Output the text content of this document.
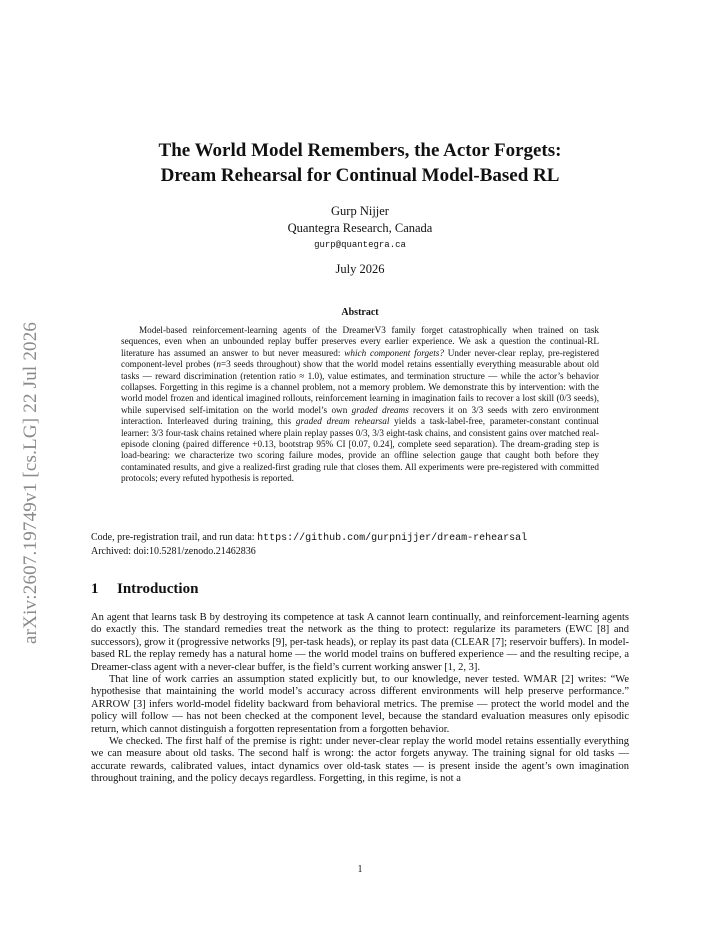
arXiv:2607.19749v1 [cs.LG] 22 Jul 2026
The World Model Remembers, the Actor Forgets:
Dream Rehearsal for Continual Model-Based RL
Gurp Nijjer
Quantegra Research, Canada
gurp@quantegra.ca
July 2026
Abstract

Model-based reinforcement-learning agents of the DreamerV3 family forget catastrophically when trained on task sequences, even when an unbounded replay buffer preserves every earlier experience. We ask a question the continual-RL literature has assumed an answer to but never measured: which component forgets? Under never-clear replay, pre-registered component-level probes (n=3 seeds throughout) show that the world model retains essentially everything measurable about old tasks — reward discrimination (retention ratio ≈ 1.0), value estimates, and termination structure — while the actor’s behavior collapses. Forgetting in this regime is a channel problem, not a memory problem. We demonstrate this by intervention: with the world model frozen and identical imagined rollouts, reinforcement learning in imagination fails to recover a lost skill (0/3 seeds), while supervised self-imitation on the world model’s own graded dreams recovers it on 3/3 seeds with zero environment interaction. Interleaved during training, this graded dream rehearsal yields a task-label-free, parameter-constant continual learner: 3/3 four-task chains retained where plain replay passes 0/3, 3/3 eight-task chains, and consistent gains over matched real-episode cloning (paired difference +0.13, bootstrap 95% CI [0.07, 0.24], complete seed separation). The dream-grading step is load-bearing: we characterize two scoring failure modes, provide an offline selection gauge that caught both before they contaminated results, and give a realized-first grading rule that closes them. All experiments were pre-registered with committed protocols; every refuted hypothesis is reported.

Code, pre-registration trail, and run data: https://github.com/gurpnijjer/dream-rehearsal
Archived: doi:10.5281/zenodo.21462836
1 Introduction

An agent that learns task B by destroying its competence at task A cannot learn continually, and reinforcement-learning agents do exactly this. The standard remedies treat the network as the thing to protect: regularize its parameters (EWC [8] and successors), grow it (progressive networks [9], per-task heads), or replay its past data (CLEAR [7]; reservoir buffers). In model-based RL the replay remedy has a natural home — the world model trains on buffered experience — and the resulting recipe, a Dreamer-class agent with a never-clear buffer, is the field’s current working answer [1, 2, 3].

That line of work carries an assumption stated explicitly but, to our knowledge, never tested. WMAR [2] writes: “We hypothesise that maintaining the world model’s accuracy across different environments will help preserve performance.” ARROW [3] infers world-model fidelity backward from behavioral metrics. The premise — protect the world model and the policy will follow — has not been checked at the component level, because the standard evaluation measures only episodic return, which cannot distinguish a forgotten representation from a forgotten behavior.

We checked. The first half of the premise is right: under never-clear replay the world model retains essentially everything we can measure about old tasks. The second half is wrong: the actor forgets anyway. The training signal for old tasks — accurate rewards, calibrated values, intact dynamics over old-task states — is present inside the agent’s own imagination throughout training, and the policy decays regardless. Forgetting, in this regime, is not a

1
